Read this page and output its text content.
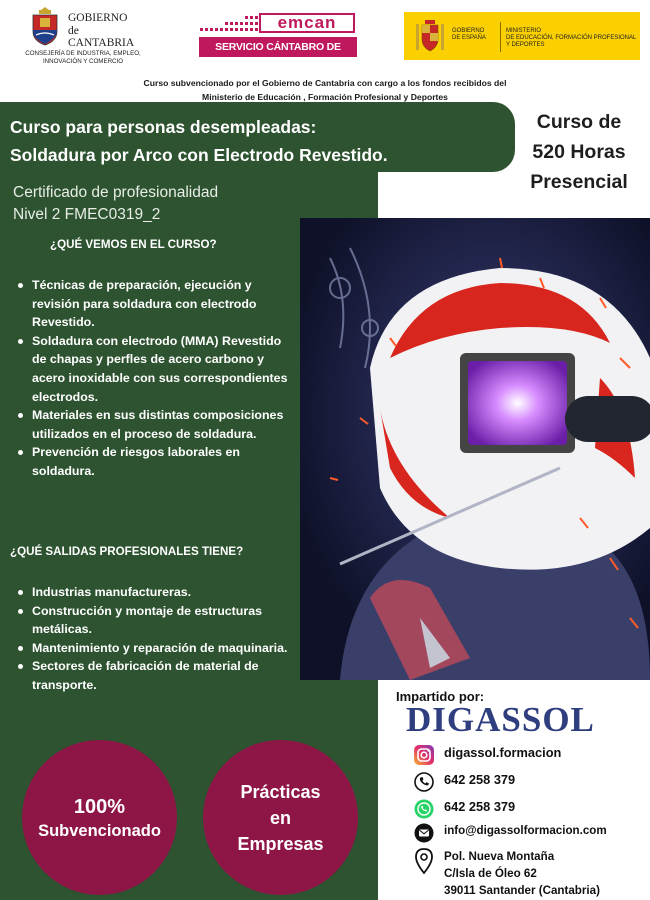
GOBIERNO
de
CANTABRIA
CONSEJERÍA DE INDUSTRIA, EMPLEO,
INNOVACIÓN Y COMERCIO
emcan
SERVICIO CÁNTABRO DE EMPLEO
GOBIERNO
DE ESPAÑA
MINISTERIO
DE EDUCACIÓN, FORMACIÓN PROFESIONAL
Y DEPORTES
Curso subvencionado por el Gobierno de Cantabria con cargo a los fondos recibidos del
Ministerio de Educación , Formación Profesional y Deportes
Curso para personas desempleadas:
Soldadura por Arco con Electrodo Revestido.
Curso de
520 Horas
Presencial
Certificado de profesionalidad
Nivel 2 FMEC0319_2
¿QUÉ VEMOS EN EL CURSO?
Técnicas de preparación, ejecución y revisión para soldadura con electrodo Revestido.
Soldadura con electrodo (MMA) Revestido de chapas y perfles de acero carbono y acero inoxidable con sus correspondientes electrodos.
Materiales en sus distintas composiciones utilizados en el proceso de soldadura.
Prevención de riesgos laborales en soldadura.
¿QUÉ SALIDAS PROFESIONALES TIENE?
Industrias manufactureras.
Construcción y montaje de estructuras metálicas.
Mantenimiento y reparación de maquinaria.
Sectores de fabricación de material de transporte.
100%
Subvencionado
Prácticas
en
Empresas
Impartido por:
DIGASSOL
digassol.formacion
642 258 379
642 258 379
info@digassolformacion.com
Pol. Nueva Montaña
C/Isla de Óleo 62
39011 Santander (Cantabria)
